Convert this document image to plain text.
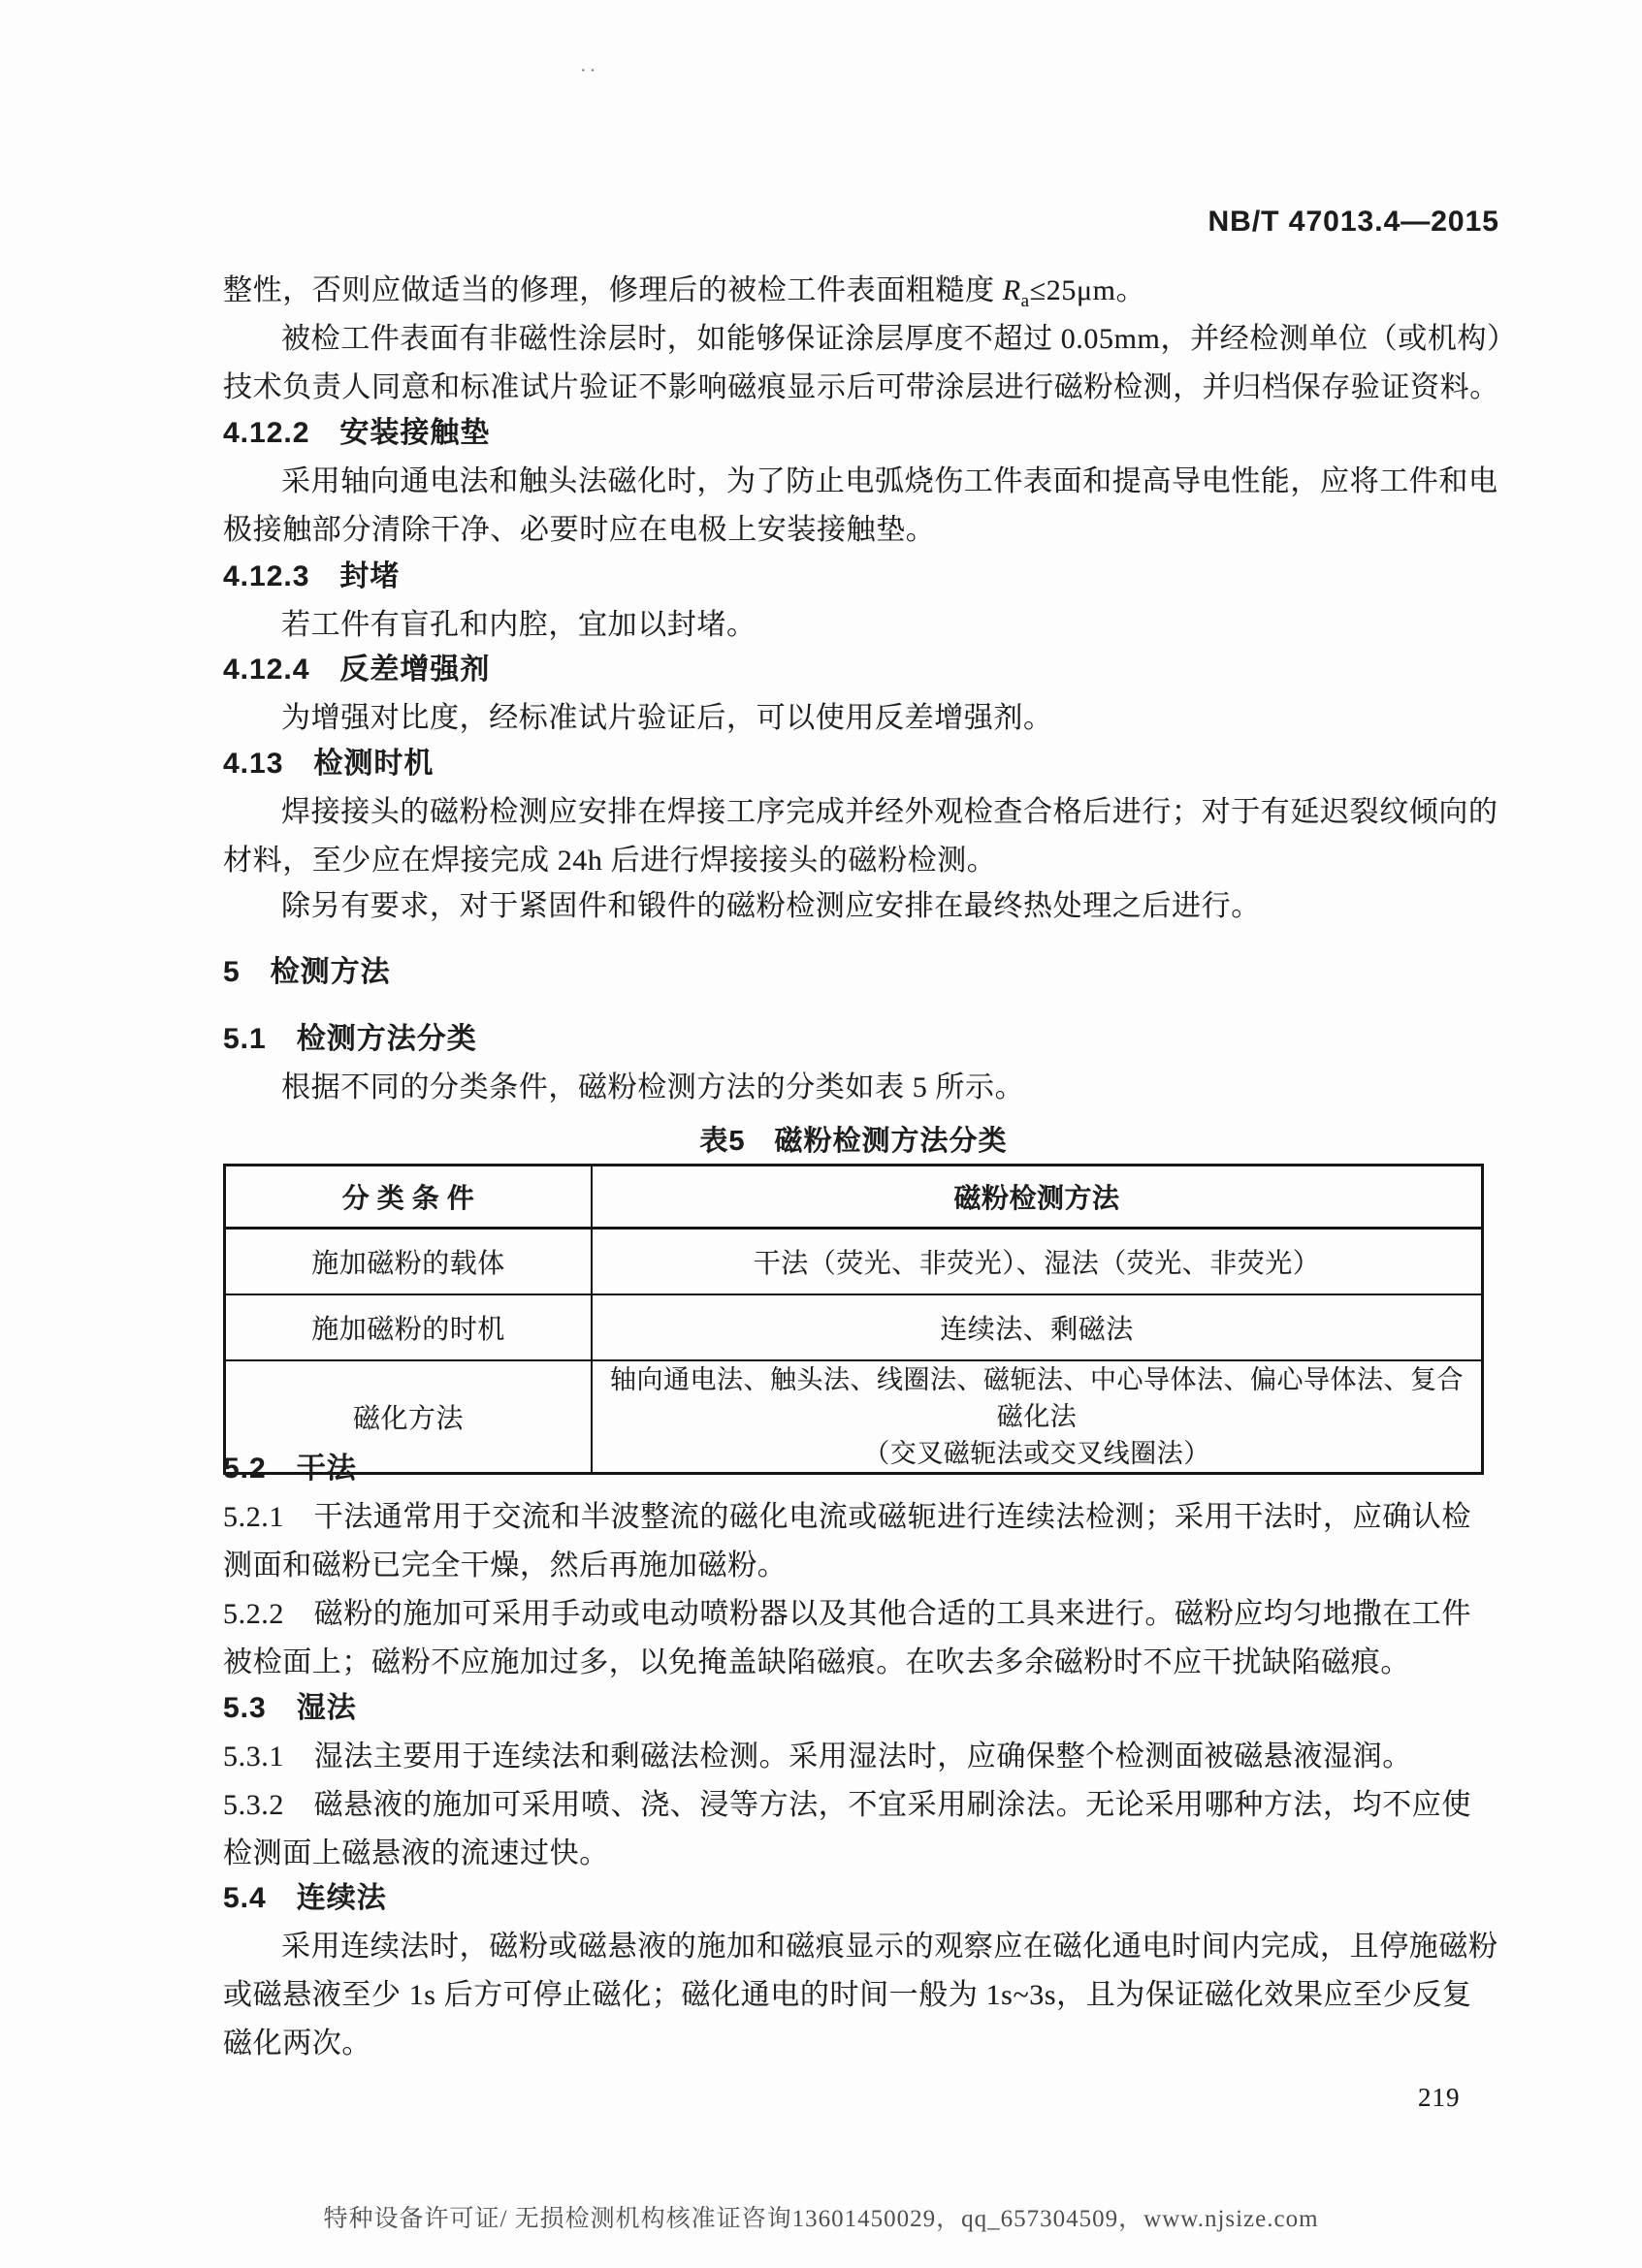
··
NB/T 47013.4—2015
整性，否则应做适当的修理，修理后的被检工件表面粗糙度 $R_a\le 25\mu m$。
被检工件表面有非磁性涂层时，如能够保证涂层厚度不超过 0.05mm，并经检测单位（或机构）
技术负责人同意和标准试片验证不影响磁痕显示后可带涂层进行磁粉检测，并归档保存验证资料。
4.12.2　安装接触垫
采用轴向通电法和触头法磁化时，为了防止电弧烧伤工件表面和提高导电性能，应将工件和电
极接触部分清除干净、必要时应在电极上安装接触垫。
4.12.3　封堵
若工件有盲孔和内腔，宜加以封堵。
4.12.4　反差增强剂
为增强对比度，经标准试片验证后，可以使用反差增强剂。
4.13　检测时机
焊接接头的磁粉检测应安排在焊接工序完成并经外观检查合格后进行；对于有延迟裂纹倾向的
材料，至少应在焊接完成 24h 后进行焊接接头的磁粉检测。
除另有要求，对于紧固件和锻件的磁粉检测应安排在最终热处理之后进行。
5　检测方法
5.1　检测方法分类
根据不同的分类条件，磁粉检测方法的分类如表 5 所示。
表5　磁粉检测方法分类
分 类 条 件	磁粉检测方法
施加磁粉的载体	干法（荧光、非荧光）、湿法（荧光、非荧光）
施加磁粉的时机	连续法、剩磁法
磁化方法	轴向通电法、触头法、线圈法、磁轭法、中心导体法、偏心导体法、复合磁化法
（交叉磁轭法或交叉线圈法）
5.2　干法
5.2.1　干法通常用于交流和半波整流的磁化电流或磁轭进行连续法检测；采用干法时，应确认检
测面和磁粉已完全干燥，然后再施加磁粉。
5.2.2　磁粉的施加可采用手动或电动喷粉器以及其他合适的工具来进行。磁粉应均匀地撒在工件
被检面上；磁粉不应施加过多，以免掩盖缺陷磁痕。在吹去多余磁粉时不应干扰缺陷磁痕。
5.3　湿法
5.3.1　湿法主要用于连续法和剩磁法检测。采用湿法时，应确保整个检测面被磁悬液湿润。
5.3.2　磁悬液的施加可采用喷、浇、浸等方法，不宜采用刷涂法。无论采用哪种方法，均不应使
检测面上磁悬液的流速过快。
5.4　连续法
采用连续法时，磁粉或磁悬液的施加和磁痕显示的观察应在磁化通电时间内完成，且停施磁粉
或磁悬液至少 1s 后方可停止磁化；磁化通电的时间一般为 1s~3s，且为保证磁化效果应至少反复
磁化两次。
219
特种设备许可证/ 无损检测机构核准证咨询13601450029，qq_657304509，www.njsize.com
